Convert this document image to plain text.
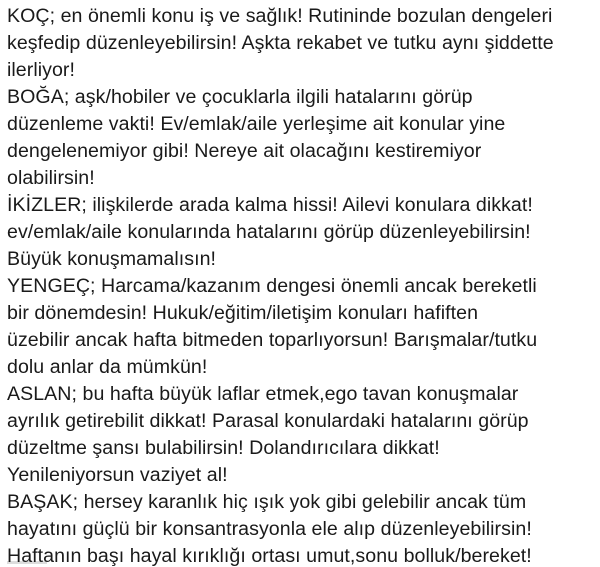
KOÇ; en önemli konu iş ve sağlık! Rutininde bozulan dengeleri
keşfedip düzenleyebilirsin! Aşkta rekabet ve tutku aynı şiddette
ilerliyor!
BOĞA; aşk/hobiler ve çocuklarla ilgili hatalarını görüp
düzenleme vakti! Ev/emlak/aile yerleşime ait konular yine
dengelenemiyor gibi! Nereye ait olacağını kestiremiyor
olabilirsin!
İKİZLER; ilişkilerde arada kalma hissi! Ailevi konulara dikkat!
ev/emlak/aile konularında hatalarını görüp düzenleyebilirsin!
Büyük konuşmamalısın!
YENGEÇ; Harcama/kazanım dengesi önemli ancak bereketli
bir dönemdesin! Hukuk/eğitim/iletişim konuları hafiften
üzebilir ancak hafta bitmeden toparlıyorsun! Barışmalar/tutku
dolu anlar da mümkün!
ASLAN; bu hafta büyük laflar etmek,ego tavan konuşmalar
ayrılık getirebilit dikkat! Parasal konulardaki hatalarını görüp
düzeltme şansı bulabilirsin! Dolandırıcılara dikkat!
Yenileniyorsun vaziyet al!
BAŞAK; hersey karanlık hiç ışık yok gibi gelebilir ancak tüm
hayatını güçlü bir konsantrasyonla ele alıp düzenleyebilirsin!
Haftanın başı hayal kırıklığı ortası umut,sonu bolluk/bereket!
